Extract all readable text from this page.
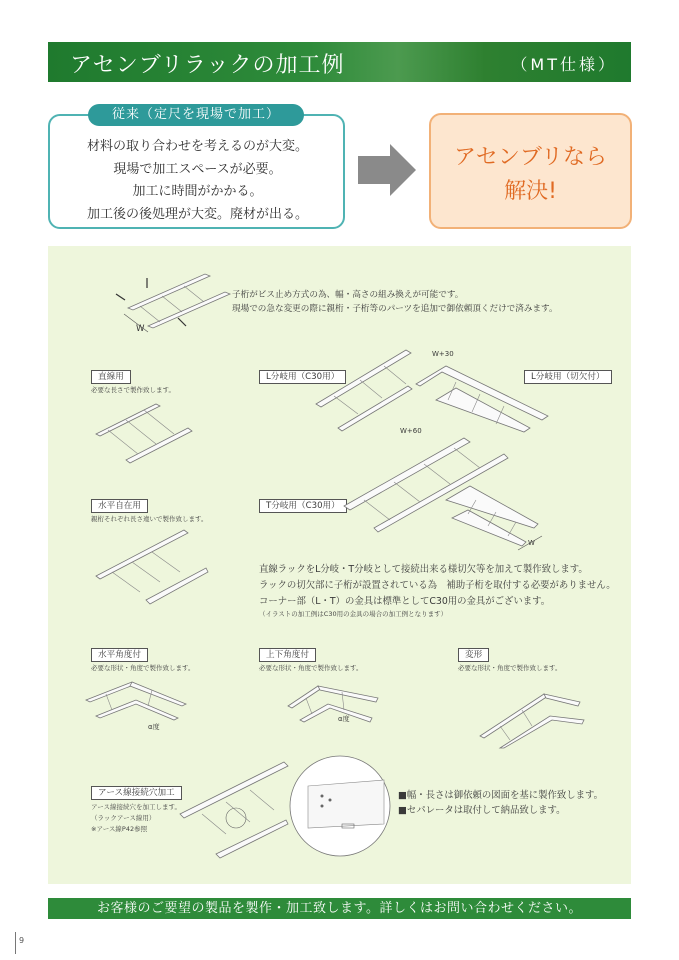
アセンブリラックの加工例	（MT仕様）
従来（定尺を現場で加工）
材料の取り合わせを考えるのが大変。
現場で加工スペースが必要。
加工に時間がかかる。
加工後の後処理が大変。廃材が出る。
アセンブリなら
解決!
W
子桁がビス止め方式の為、幅・高さの組み換えが可能です。
現場での急な変更の際に親桁・子桁等のパーツを追加で御依頼頂くだけで済みます。
直線用
必要な長さで製作致します。
L分岐用（C30用）
W+30
L分岐用（切欠付）
水平自在用
親桁それぞれ長さ違いで製作致します。
T分岐用（C30用）
W+60
W
直線ラックをL分岐・T分岐として接続出来る様切欠等を加えて製作致します。
ラックの切欠部に子桁が設置されている為　補助子桁を取付する必要がありません。
コーナー部（L・T）の金具は標準としてC30用の金具がございます。
（イラストの加工例はC30用の金具の場合の加工例となります）
水平角度付
必要な形状・角度で製作致します。
α度
上下角度付
必要な形状・角度で製作致します。
α度
変形
必要な形状・角度で製作致します。
アース線接続穴加工
アース線接続穴を加工します。
（ラックアース線用）
※アース線P42参照
■幅・長さは御依頼の図面を基に製作致します。
■セパレータは取付して納品致します。
お客様のご要望の製品を製作・加工致します。詳しくはお問い合わせください。
9
